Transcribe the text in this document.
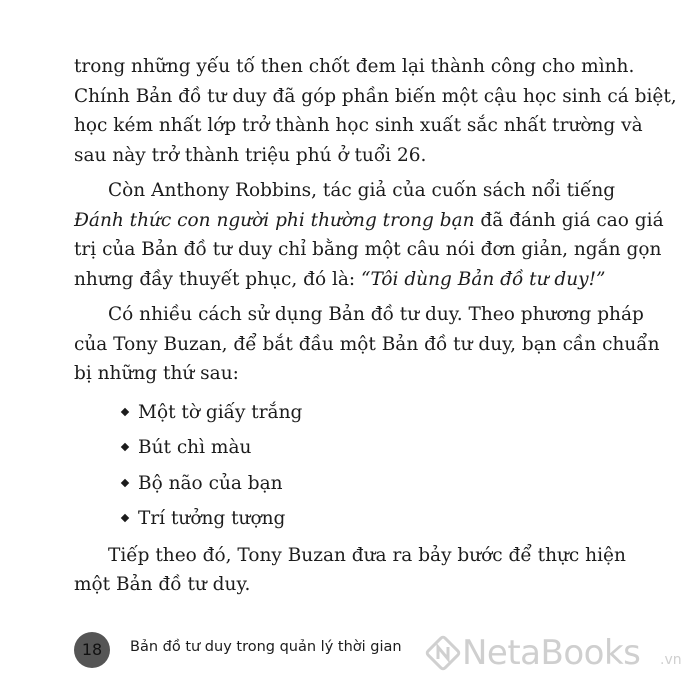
trong những yếu tố then chốt đem lại thành công cho mình.
Chính Bản đồ tư duy đã góp phần biến một cậu học sinh cá biệt,
học kém nhất lớp trở thành học sinh xuất sắc nhất trường và
sau này trở thành triệu phú ở tuổi 26.

Còn Anthony Robbins, tác giả của cuốn sách nổi tiếng
Đánh thức con người phi thường trong bạn đã đánh giá cao giá
trị của Bản đồ tư duy chỉ bằng một câu nói đơn giản, ngắn gọn
nhưng đầy thuyết phục, đó là: “Tôi dùng Bản đồ tư duy!”

Có nhiều cách sử dụng Bản đồ tư duy. Theo phương pháp
của Tony Buzan, để bắt đầu một Bản đồ tư duy, bạn cần chuẩn
bị những thứ sau:

Một tờ giấy trắng
Bút chì màu
Bộ não của bạn
Trí tưởng tượng

Tiếp theo đó, Tony Buzan đưa ra bảy bước để thực hiện
một Bản đồ tư duy.

18	Bản đồ tư duy trong quản lý thời gian NetaBooks .vn
